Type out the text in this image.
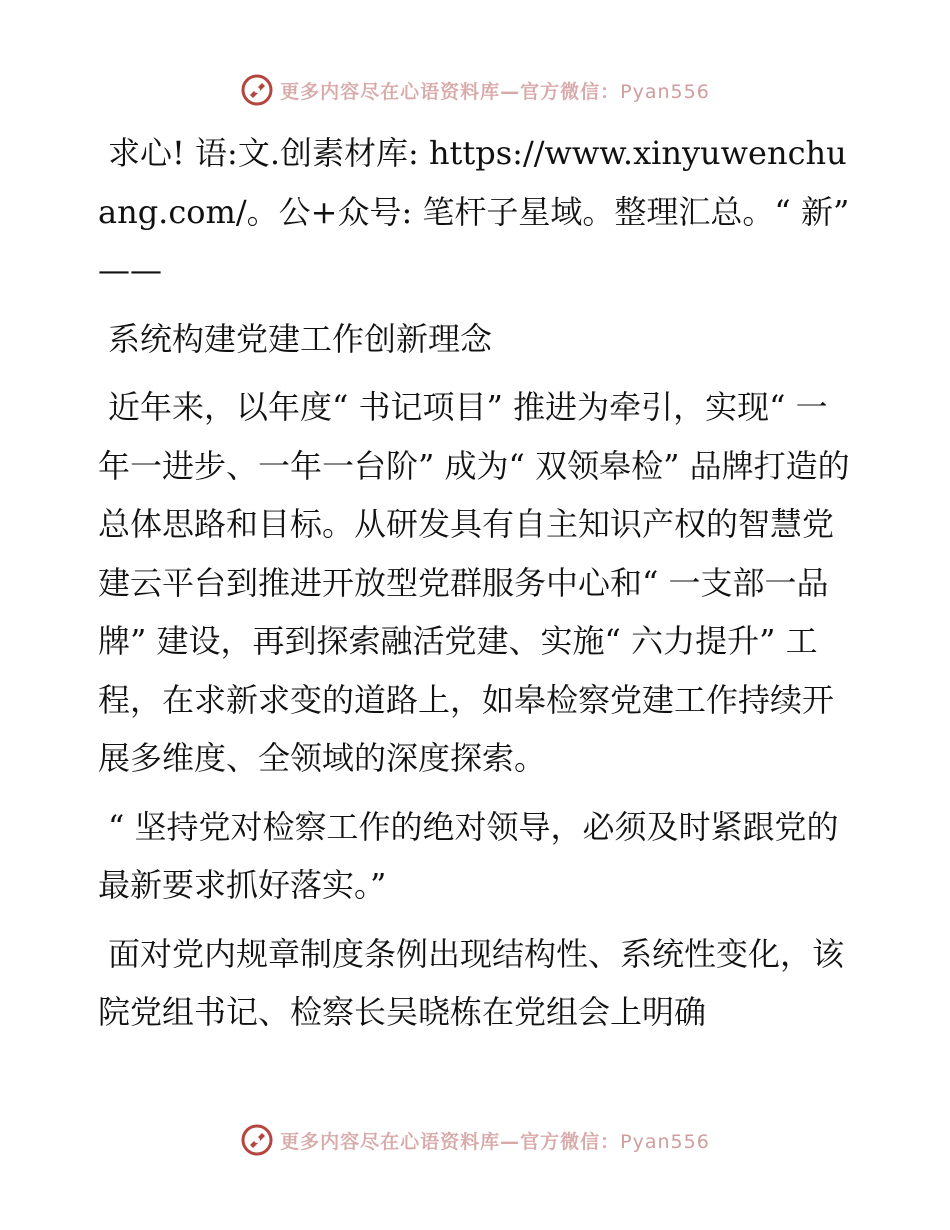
更多内容尽在心语资料库—官方微信：Pyan556

求心! 语:文.创素材库: https://www.xinyuwenchuang.com/。公+众号: 笔杆子星域。整理汇总。“ 新” ——

系统构建党建工作创新理念

近年来，以年度“ 书记项目” 推进为牵引，实现“ 一年一进步、一年一台阶” 成为“ 双领皋检” 品牌打造的总体思路和目标。从研发具有自主知识产权的智慧党建云平台到推进开放型党群服务中心和“ 一支部一品牌” 建设，再到探索融活党建、实施“ 六力提升” 工程，在求新求变的道路上，如皋检察党建工作持续开展多维度、全领域的深度探索。

“ 坚持党对检察工作的绝对领导，必须及时紧跟党的最新要求抓好落实。”

面对党内规章制度条例出现结构性、系统性变化，该院党组书记、检察长吴晓栋在党组会上明确

更多内容尽在心语资料库—官方微信：Pyan556
